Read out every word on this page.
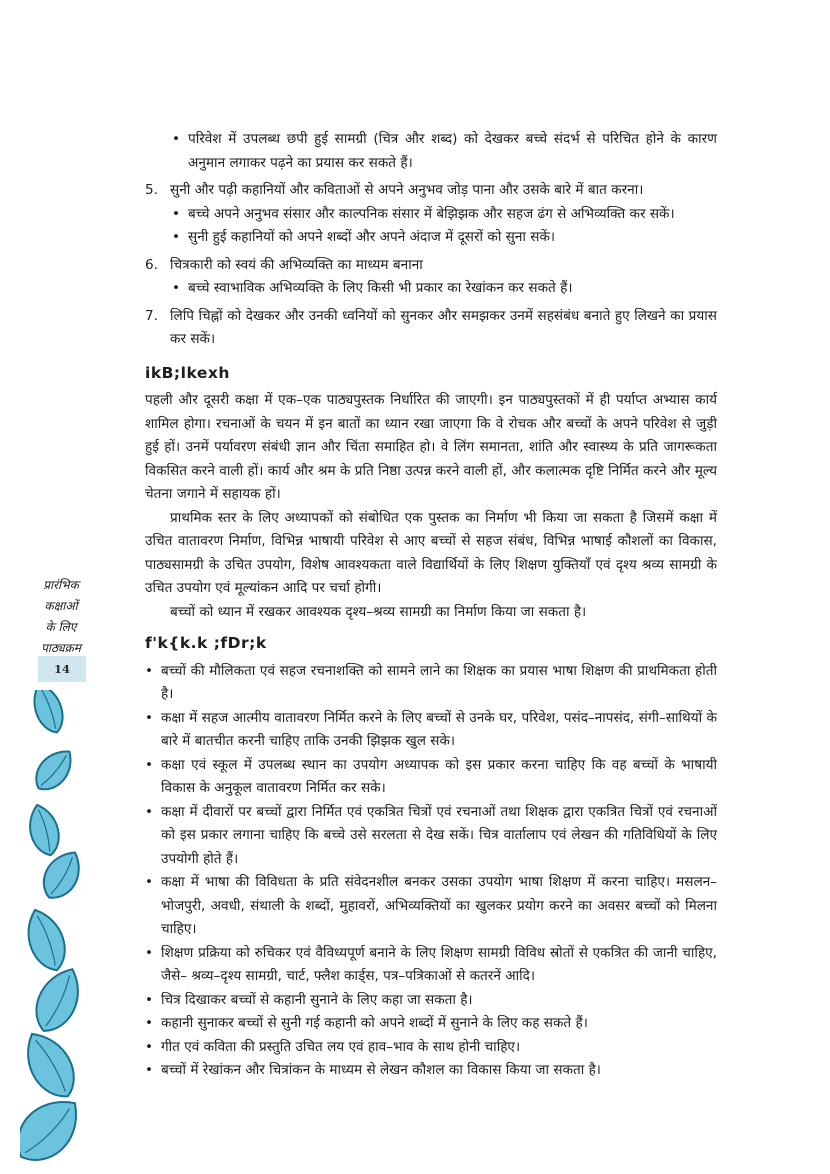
• परिवेश में उपलब्ध छपी हुई सामग्री (चित्र और शब्द) को देखकर बच्चे संदर्भ से परिचित होने के कारण अनुमान लगाकर पढ़ने का प्रयास कर सकते हैं।
5. सुनी और पढ़ी कहानियों और कविताओं से अपने अनुभव जोड़ पाना और उसके बारे में बात करना।
• बच्चे अपने अनुभव संसार और काल्पनिक संसार में बेझिझक और सहज ढंग से अभिव्यक्ति कर सकें।
• सुनी हुई कहानियों को अपने शब्दों और अपने अंदाज में दूसरों को सुना सकें।
6. चित्रकारी को स्वयं की अभिव्यक्ति का माध्यम बनाना
• बच्चे स्वाभाविक अभिव्यक्ति के लिए किसी भी प्रकार का रेखांकन कर सकते हैं।
7. लिपि चिह्नों को देखकर और उनकी ध्वनियों को सुनकर और समझकर उनमें सहसंबंध बनाते हुए लिखने का प्रयास कर सकें।
ikB;lkexh

पहली और दूसरी कक्षा में एक–एक पाठ्यपुस्तक निर्धारित की जाएगी। इन पाठ्यपुस्तकों में ही पर्याप्त अभ्यास कार्य शामिल होगा। रचनाओं के चयन में इन बातों का ध्यान रखा जाएगा कि वे रोचक और बच्चों के अपने परिवेश से जुड़ी हुई हों। उनमें पर्यावरण संबंधी ज्ञान और चिंता समाहित हो। वे लिंग समानता, शांति और स्वास्थ्य के प्रति जागरूकता विकसित करने वाली हों। कार्य और श्रम के प्रति निष्ठा उत्पन्न करने वाली हों, और कलात्मक दृष्टि निर्मित करने और मूल्य चेतना जगाने में सहायक हों।

प्राथमिक स्तर के लिए अध्यापकों को संबोधित एक पुस्तक का निर्माण भी किया जा सकता है जिसमें कक्षा में उचित वातावरण निर्माण, विभिन्न भाषायी परिवेश से आए बच्चों से सहज संबंध, विभिन्न भाषाई कौशलों का विकास, पाठ्यसामग्री के उचित उपयोग, विशेष आवश्यकता वाले विद्यार्थियों के लिए शिक्षण युक्तियाँ एवं दृश्य श्रव्य सामग्री के उचित उपयोग एवं मूल्यांकन आदि पर चर्चा होगी।

बच्चों को ध्यान में रखकर आवश्यक दृश्य–श्रव्य सामग्री का निर्माण किया जा सकता है।

f'k{k.k ;fDr;k
• बच्चों की मौलिकता एवं सहज रचनाशक्ति को सामने लाने का शिक्षक का प्रयास भाषा शिक्षण की प्राथमिकता होती है।
• कक्षा में सहज आत्मीय वातावरण निर्मित करने के लिए बच्चों से उनके घर, परिवेश, पसंद–नापसंद, संगी–साथियों के बारे में बातचीत करनी चाहिए ताकि उनकी झिझक खुल सके।
• कक्षा एवं स्कूल में उपलब्ध स्थान का उपयोग अध्यापक को इस प्रकार करना चाहिए कि वह बच्चों के भाषायी विकास के अनुकूल वातावरण निर्मित कर सके।
• कक्षा में दीवारों पर बच्चों द्वारा निर्मित एवं एकत्रित चित्रों एवं रचनाओं तथा शिक्षक द्वारा एकत्रित चित्रों एवं रचनाओं को इस प्रकार लगाना चाहिए कि बच्चे उसे सरलता से देख सकें। चित्र वार्तालाप एवं लेखन की गतिविधियों के लिए उपयोगी होते हैं।
• कक्षा में भाषा की विविधता के प्रति संवेदनशील बनकर उसका उपयोग भाषा शिक्षण में करना चाहिए। मसलन– भोजपुरी, अवधी, संथाली के शब्दों, मुहावरों, अभिव्यक्तियों का खुलकर प्रयोग करने का अवसर बच्चों को मिलना चाहिए।
• शिक्षण प्रक्रिया को रुचिकर एवं वैविध्यपूर्ण बनाने के लिए शिक्षण सामग्री विविध स्रोतों से एकत्रित की जानी चाहिए, जैसे– श्रव्य–दृश्य सामग्री, चार्ट, फ्लैश कार्ड्स, पत्र–पत्रिकाओं से कतरनें आदि।
• चित्र दिखाकर बच्चों से कहानी सुनाने के लिए कहा जा सकता है।
• कहानी सुनाकर बच्चों से सुनी गई कहानी को अपने शब्दों में सुनाने के लिए कह सकते हैं।
• गीत एवं कविता की प्रस्तुति उचित लय एवं हाव–भाव के साथ होनी चाहिए।
• बच्चों में रेखांकन और चित्रांकन के माध्यम से लेखन कौशल का विकास किया जा सकता है।
प्रारंभिक
कक्षाओं
के लिए
पाठ्यक्रम
14
